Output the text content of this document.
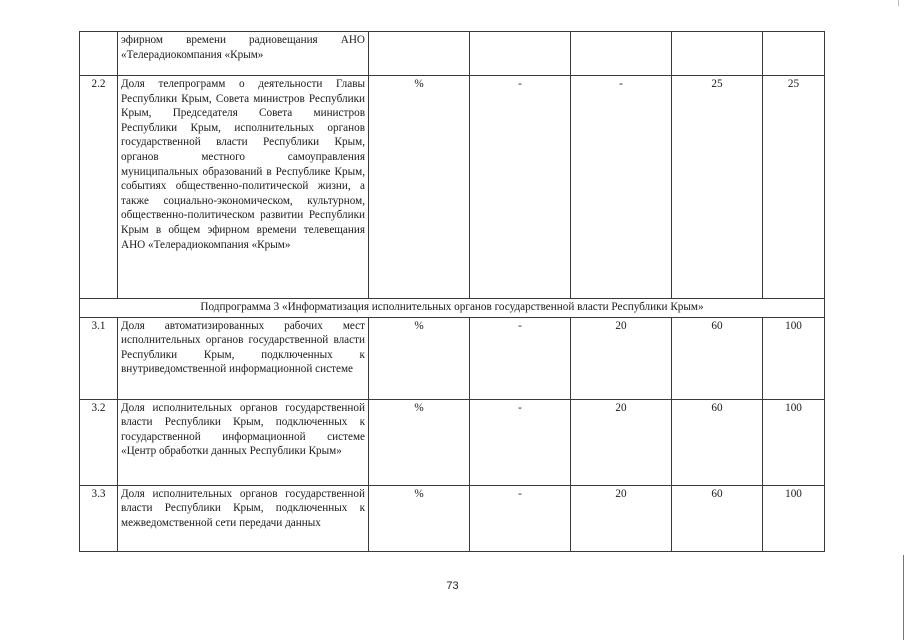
	эфирном времени радиовещания АНО «Телерадиокомпания «Крым»					
2.2	Доля телепрограмм о деятельности Главы Республики Крым, Совета министров Республики Крым, Председателя Совета министров Республики Крым, исполнительных органов государственной власти Республики Крым, органов местного самоуправления муниципальных образований в Республике Крым, событиях общественно-политической жизни, а также социально-экономическом, культурном, общественно-политическом развитии Республики Крым в общем эфирном времени телевещания АНО «Телерадиокомпания «Крым»	%	-	-	25	25
Подпрограмма 3 «Информатизация исполнительных органов государственной власти Республики Крым»						
3.1	Доля автоматизированных рабочих мест исполнительных органов государственной власти Республики Крым, подключенных к внутриведомственной информационной системе	%	-	20	60	100
3.2	Доля исполнительных органов государственной власти Республики Крым, подключенных к государственной информационной системе «Центр обработки данных Республики Крым»	%	-	20	60	100
3.3	Доля исполнительных органов государственной власти Республики Крым, подключенных к межведомственной сети передачи данных	%	-	20	60	100
73
